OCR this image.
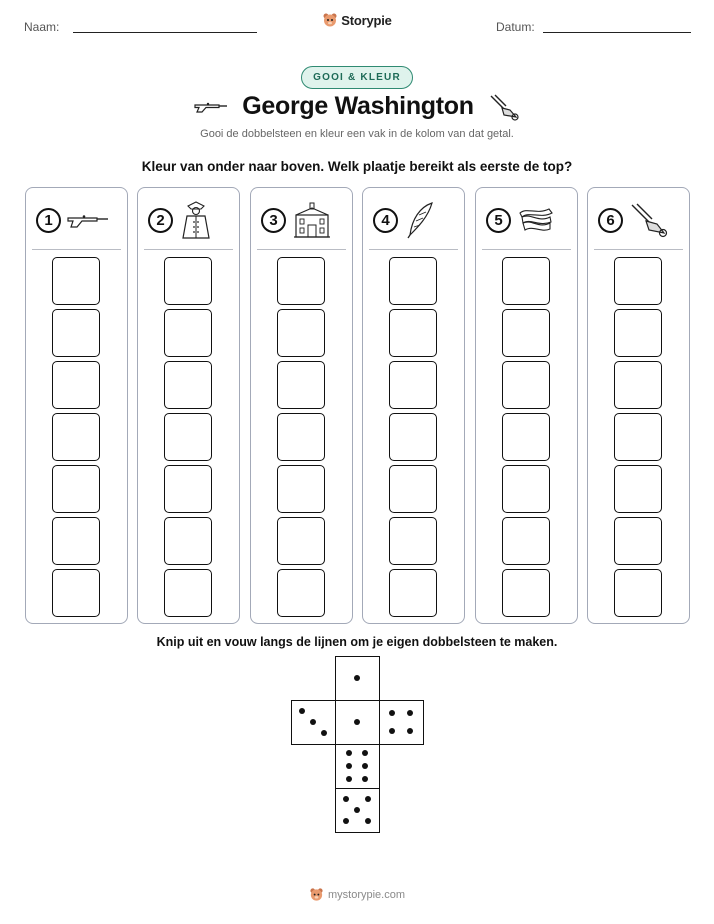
Naam:	Storypie	Datum:
GOOI & KLEUR
George Washington
Gooi de dobbelsteen en kleur een vak in de kolom van dat getal.
Kleur van onder naar boven. Welk plaatje bereikt als eerste de top?
1	2	3	4	5	6
Knip uit en vouw langs de lijnen om je eigen dobbelsteen te maken.
mystorypie.com
